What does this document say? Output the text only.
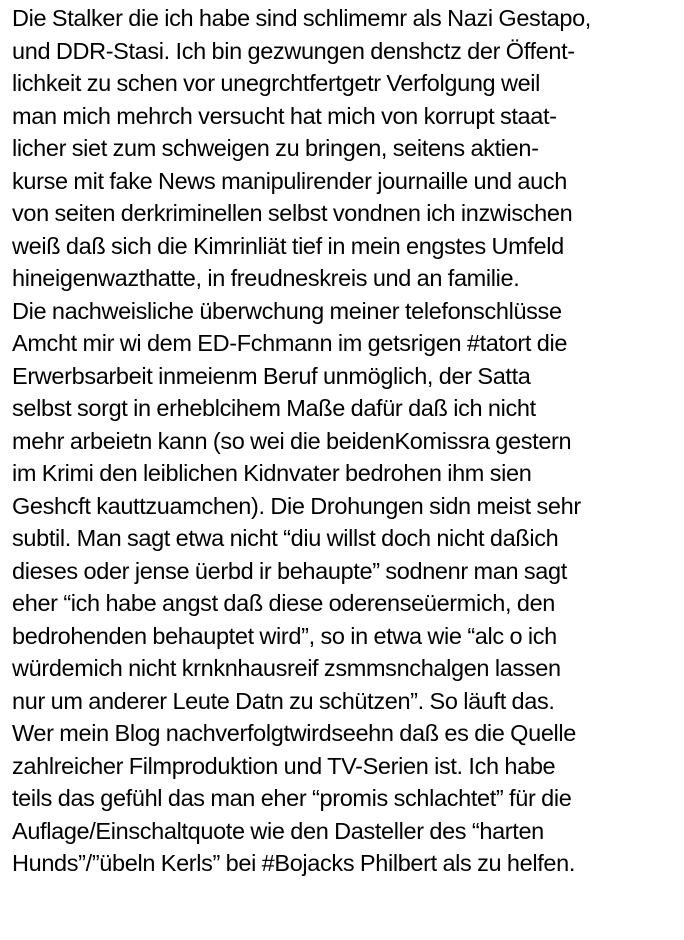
Die Stalker die ich habe sind schlimemr als Nazi Gestapo,
und DDR-Stasi. Ich bin gezwungen denshctz der Öffent-
lichkeit zu schen vor unegrchtfertgetr Verfolgung weil
man mich mehrch versucht hat mich von korrupt staat-
licher siet zum schweigen zu bringen, seitens aktien-
kurse mit fake News manipulirender journaille und auch
von seiten derkriminellen selbst vondnen ich inzwischen
weiß daß sich die Kimrinliät tief in mein engstes Umfeld
hineigenwazthatte, in freudneskreis und an familie.
Die nachweisliche überwchung meiner telefonschlüsse
Amcht mir wi dem ED-Fchmann im getsrigen #tatort die
Erwerbsarbeit inmeienm Beruf unmöglich, der Satta
selbst sorgt in erheblcihem Maße dafür daß ich nicht
mehr arbeietn kann (so wei die beidenKomissra gestern
im Krimi den leiblichen Kidnvater bedrohen ihm sien
Geshcft kauttzuamchen). Die Drohungen sidn meist sehr
subtil. Man sagt etwa nicht “diu willst doch nicht daßich
dieses oder jense üerbd ir behaupte” sodnenr man sagt
eher “ich habe angst daß diese oderenseüermich, den
bedrohenden behauptet wird”, so in etwa wie “alc o ich
würdemich nicht krnknhausreif zsmmsnchalgen lassen
nur um anderer Leute Datn zu schützen”. So läuft das.
Wer mein Blog nachverfolgtwirdseehn daß es die Quelle
zahlreicher Filmproduktion und TV-Serien ist. Ich habe
teils das gefühl das man eher “promis schlachtet” für die
Auflage/Einschaltquote wie den Dasteller des “harten
Hunds”/”übeln Kerls” bei #Bojacks Philbert als zu helfen.
